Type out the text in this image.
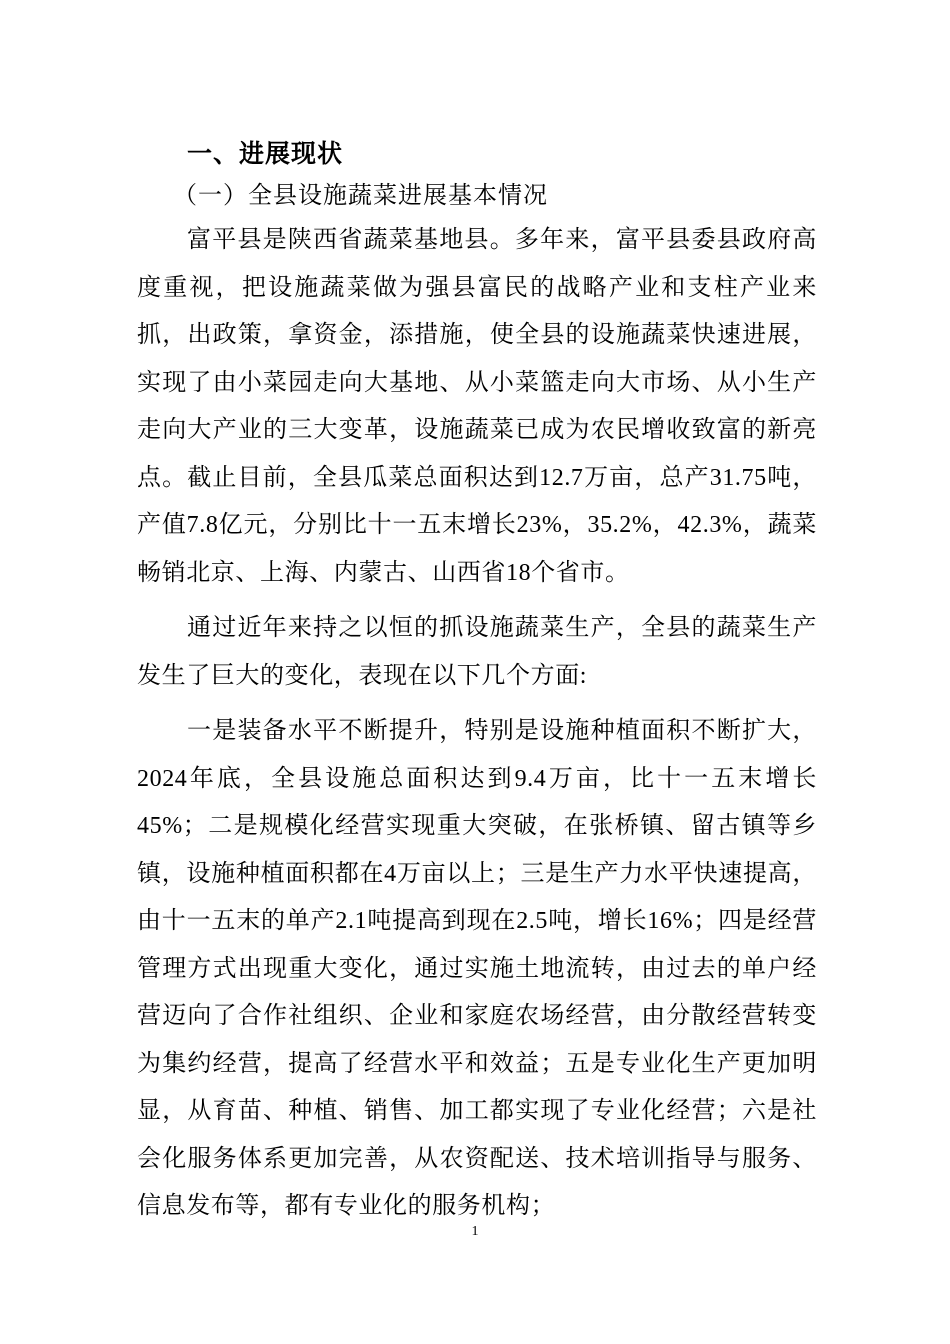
一、进展现状
（一）全县设施蔬菜进展基本情况

富平县是陕西省蔬菜基地县。多年来，富平县委县政府高度重视，把设施蔬菜做为强县富民的战略产业和支柱产业来抓，出政策，拿资金，添措施，使全县的设施蔬菜快速进展，实现了由小菜园走向大基地、从小菜篮走向大市场、从小生产走向大产业的三大变革，设施蔬菜已成为农民增收致富的新亮点。截止目前，全县瓜菜总面积达到12.7万亩，总产31.75吨，产值7.8亿元，分别比十一五末增长23%，35.2%，42.3%，蔬菜畅销北京、上海、内蒙古、山西省18个省市。

通过近年来持之以恒的抓设施蔬菜生产，全县的蔬菜生产发生了巨大的变化，表现在以下几个方面:

一是装备水平不断提升，特别是设施种植面积不断扩大，2024年底，全县设施总面积达到9.4万亩，比十一五末增长45%；二是规模化经营实现重大突破，在张桥镇、留古镇等乡镇，设施种植面积都在4万亩以上；三是生产力水平快速提高，由十一五末的单产2.1吨提高到现在2.5吨，增长16%；四是经营管理方式出现重大变化，通过实施土地流转，由过去的单户经营迈向了合作社组织、企业和家庭农场经营，由分散经营转变为集约经营，提高了经营水平和效益；五是专业化生产更加明显，从育苗、种植、销售、加工都实现了专业化经营；六是社会化服务体系更加完善，从农资配送、技术培训指导与服务、信息发布等，都有专业化的服务机构；

1
